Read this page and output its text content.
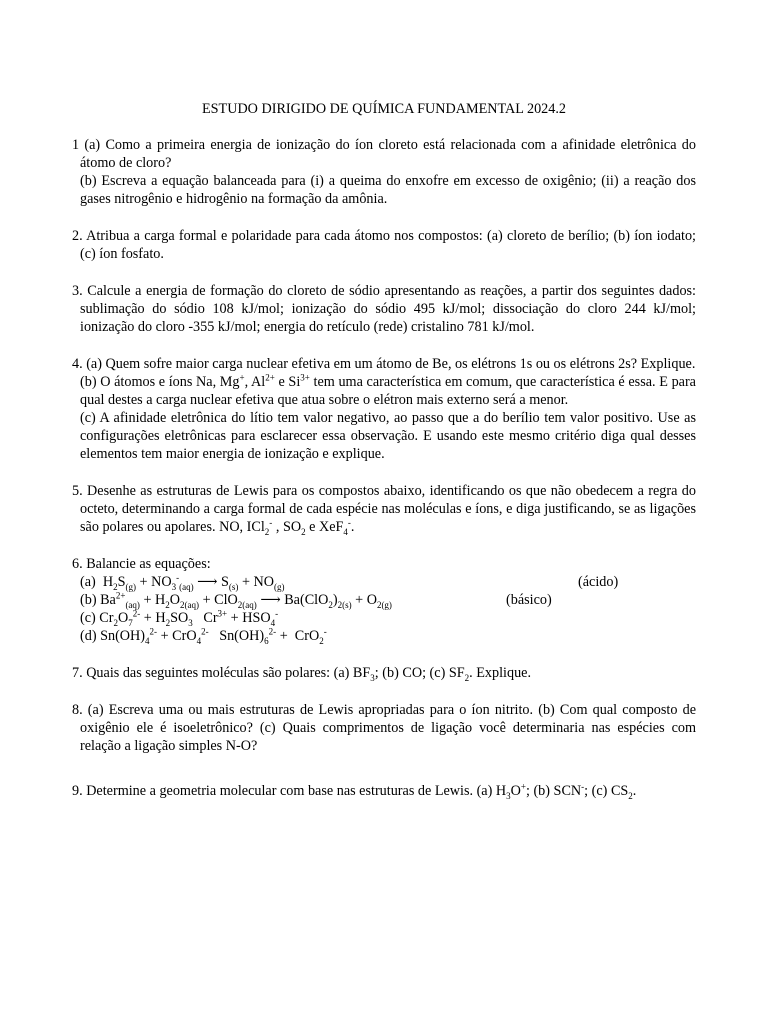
ESTUDO DIRIGIDO DE QUÍMICA FUNDAMENTAL 2024.2
1 (a) Como a primeira energia de ionização do íon cloreto está relacionada com a afinidade eletrônica do átomo de cloro?
(b) Escreva a equação balanceada para (i) a queima do enxofre em excesso de oxigênio; (ii) a reação dos gases nitrogênio e hidrogênio na formação da amônia.
2. Atribua a carga formal e polaridade para cada átomo nos compostos: (a) cloreto de berílio; (b) íon iodato; (c) íon fosfato.
3. Calcule a energia de formação do cloreto de sódio apresentando as reações, a partir dos seguintes dados: sublimação do sódio 108 kJ/mol; ionização do sódio 495 kJ/mol; dissociação do cloro 244 kJ/mol; ionização do cloro -355 kJ/mol; energia do retículo (rede) cristalino 781 kJ/mol.
4. (a) Quem sofre maior carga nuclear efetiva em um átomo de Be, os elétrons 1s ou os elétrons 2s? Explique.
(b) O átomos e íons Na, Mg+, $Al^{2+}$ e $Si^{3+}$ tem uma característica em comum, que característica é essa. E para qual destes a carga nuclear efetiva que atua sobre o elétron mais externo será a menor.
(c) A afinidade eletrônica do lítio tem valor negativo, ao passo que a do berílio tem valor positivo. Use as configurações eletrônicas para esclarecer essa observação. E usando este mesmo critério diga qual desses elementos tem maior energia de ionização e explique.
5. Desenhe as estruturas de Lewis para os compostos abaixo, identificando os que não obedecem a regra do octeto, determinando a carga formal de cada espécie nas moléculas e íons, e diga justificando, se as ligações são polares ou apolares. NO, ICl$_2$- , $SO_2$ e XeF$_4$-.
6. Balancie as equações:
(a)  $H_2S_{(g)} + NO_3^-_{(aq)}$ ⟶ $S_{(s)} + NO_{(g)}$	(ácido)
(b) $Ba^{2+}_{(aq)} + H_2O_{2(aq)} + ClO_{2(aq)}$ ⟶ $Ba(ClO_2)_{2(s)} + O_{2(g)}$	(básico)
(c) $Cr_2O_7^{2-} + H_2SO_3$   $Cr^{3+} + HSO_4^-$
(d) $Sn(OH)_4^{2-} + CrO_4^{2-}$   $Sn(OH)_6^{2-} + CrO_2^-$
7. Quais das seguintes moléculas são polares: (a) $BF_3$; (b) CO; (c) $SF_2$. Explique.
8. (a) Escreva uma ou mais estruturas de Lewis apropriadas para o íon nitrito. (b) Com qual composto de oxigênio ele é isoeletrônico? (c) Quais comprimentos de ligação você determinaria nas espécies com relação a ligação simples N-O?
9. Determine a geometria molecular com base nas estruturas de Lewis. (a) $H_3O^+$; (b) SCN-; (c) $CS_2$.
